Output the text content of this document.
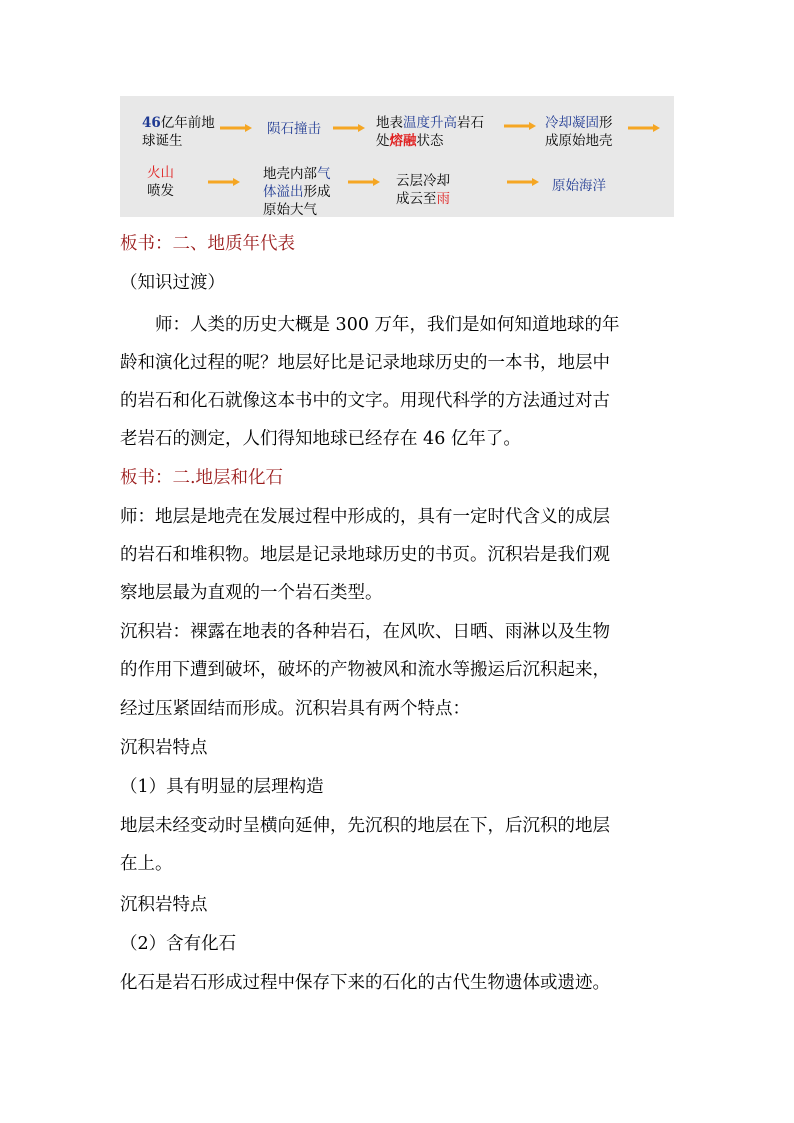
46亿年前地
球诞生
陨石撞击	地表温度升高岩石
处熔融状态
冷却凝固形
成原始地壳
火山
喷发
地壳内部气
体溢出形成
原始大气
云层冷却
成云至雨
原始海洋
板书：二、地质年代表
（知识过渡）
　　师：人类的历史大概是 300 万年，我们是如何知道地球的年
龄和演化过程的呢？地层好比是记录地球历史的一本书，地层中
的岩石和化石就像这本书中的文字。用现代科学的方法通过对古
老岩石的测定，人们得知地球已经存在 46 亿年了。
板书：二.地层和化石
师：地层是地壳在发展过程中形成的，具有一定时代含义的成层
的岩石和堆积物。地层是记录地球历史的书页。沉积岩是我们观
察地层最为直观的一个岩石类型。
沉积岩：裸露在地表的各种岩石，在风吹、日晒、雨淋以及生物
的作用下遭到破坏，破坏的产物被风和流水等搬运后沉积起来，
经过压紧固结而形成。沉积岩具有两个特点：
沉积岩特点
（1）具有明显的层理构造
地层未经变动时呈横向延伸，先沉积的地层在下，后沉积的地层
在上。
沉积岩特点
（2）含有化石
化石是岩石形成过程中保存下来的石化的古代生物遗体或遗迹。
